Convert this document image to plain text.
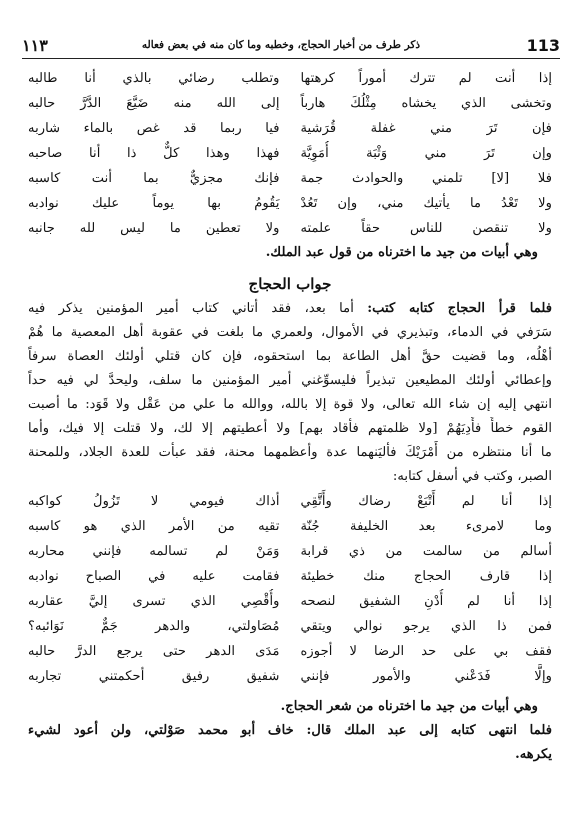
١١٣	ذكر طرف من أخبار الحجاج، وخطبه وما كان منه في بعض فعاله	113
إذا أنت لم تترك أموراً كرهتها
وتطلب رضائي بالذي أنا طالبه
وتخشى الذي يخشاه مِثْلُكَ هارباً
إلى الله منه ضَيَّعَ الدَّرَّ حالبه
فإن تَرَ مني غفلة قُرَشية
فيا ربما قد غص بالماء شاربه
وإن تَرَ مني وَثْبَة أُمَوِيَّة
فهذا وهذا كلٌّ ذا أنا صاحبه
فلا [لا] تلمني والحوادث جمة
فإنك مجزيٌّ بما أنت كاسبه
ولا تَعْدُ ما يأتيك مني، وإن تَعُدْ
يَقُومُ بها يوماً عليك نوادبه
ولا تنقصن للناس حقاً علمته
ولا تعطين ما ليس لله جانبه
وهي أبيات من جيد ما اخترناه من قول عبد الملك.
جواب الحجاج
فلما قرأ الحجاج كتابه كتب: أما بعد، فقد أتاني كتاب أمير المؤمنين يذكر فيه
سَرَفي في الدماء، وتبذيري في الأموال، ولعمري ما بلغت في عقوبة أهل المعصية ما هُمْ
أهْلُه، وما قضيت حقَّ أهل الطاعة بما استحقوه، فإن كان قتلي أولئك العصاة سرفاً
وإعطائي أولئك المطيعين تبذيراً فليسوِّغني أمير المؤمنين ما سلف، وليحدَّ لي فيه حداً
انتهي إليه إن شاء الله تعالى، ولا قوة إلا بالله، ووالله ما علي من عَقْل ولا قَوَد: ما أصبت
القوم خطأً فأَدِيَهُمْ [ولا ظلمتهم فأقاد بهم] ولا أعطيتهم إلا لك، ولا قتلت إلا فيك، وأما
ما أنا منتظره من أَمْرَيْكَ فأليَنهما عدة وأعظمهما محنة، فقد عبأت للعدة الجلاد، وللمحنة
الصبر، وكتب في أسفل كتابه:
إذا أنا لم أَتْبَعْ رضاك وأَتَّقِي
أذاك فيومي لا تَزُولُ كواكبه
وما لامرىء بعد الخليفة جُنّة
تقيه من الأمر الذي هو كاسبه
أسالم من سالمت من ذي قرابة
وَمَنْ لم تسالمه فإنني محاربه
إذا قارف الحجاج منك خطيئة
فقامت عليه في الصباح نوادبه
إذا أنا لم أُدْنِ الشفيق لنصحه
وأُقْصِي الذي تسرى إليَّ عقاربه
فمن ذا الذي يرجو نوالي ويتقي
مُصَاولتي، والدهر جَمٌّ نَوَائبه؟
فقف بي على حد الرضا لا أجوزه
مَدَى الدهر حتى يرجع الدرَّ حالبه
وإلَّا فَدَعْني والأمور فإنني
شفيق رفيق أحكمتني تجاربه
وهي أبيات من جيد ما اخترناه من شعر الحجاج.
فلما انتهى كتابه إلى عبد الملك قال: خاف أبو محمد صَوْلتي، ولن أعود لشيء
يكرهه.
